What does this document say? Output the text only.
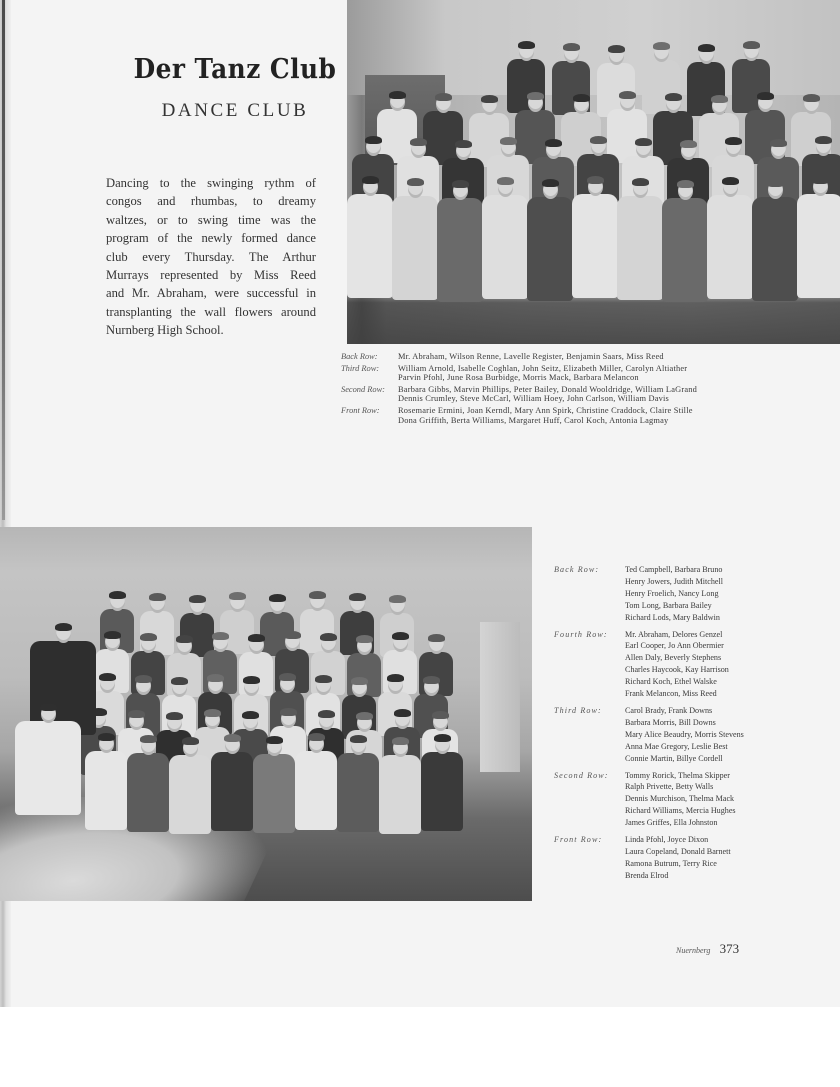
Der Tanz Club
DANCE CLUB
Dancing to the swinging rythm of
congos and rhumbas, to dreamy
waltzes, or to swing time was the
program of the newly formed dance
club every Thursday. The Arthur
Murrays represented by Miss Reed
and Mr. Abraham, were successful in
transplanting the wall flowers around
Nurnberg High School.
Back Row:	Mr. Abraham, Wilson Renne, Lavelle Register, Benjamin Saars, Miss Reed
Third Row:	William Arnold, Isabelle Coghlan, John Seitz, Elizabeth Miller, Carolyn Altiather
Parvin Pfohl, June Rosa Burbidge, Morris Mack, Barbara Melancon
Second Row:	Barbara Gibbs, Marvin Phillips, Peter Bailey, Donald Wooldridge, William LaGrand
Dennis Crumley, Steve McCarl, William Hoey, John Carlson, William Davis
Front Row:	Rosemarie Ermini, Joan Kerndl, Mary Ann Spirk, Christine Craddock, Claire Stille
Dona Griffith, Berta Williams, Margaret Huff, Carol Koch, Antonia Lagmay
Back Row:	Ted Campbell, Barbara Bruno
Henry Jowers, Judith Mitchell
Henry Froelich, Nancy Long
Tom Long, Barbara Bailey
Richard Lods, Mary Baldwin
Fourth Row:	Mr. Abraham, Delores Genzel
Earl Cooper, Jo Ann Obermier
Allen Daly, Beverly Stephens
Charles Haycook, Kay Harrison
Richard Koch, Ethel Walske
Frank Melancon, Miss Reed
Third Row:	Carol Brady, Frank Downs
Barbara Morris, Bill Downs
Mary Alice Beaudry, Morris Stevens
Anna Mae Gregory, Leslie Best
Connie Martin, Billye Cordell
Second Row:	Tommy Rorick, Thelma Skipper
Ralph Privette, Betty Walls
Dennis Murchison, Thelma Mack
Richard Williams, Mercia Hughes
James Griffes, Ella Johnston
Front Row:	Linda Pfohl, Joyce Dixon
Laura Copeland, Donald Barnett
Ramona Butrum, Terry Rice
Brenda Elrod
Nuernberg 373
